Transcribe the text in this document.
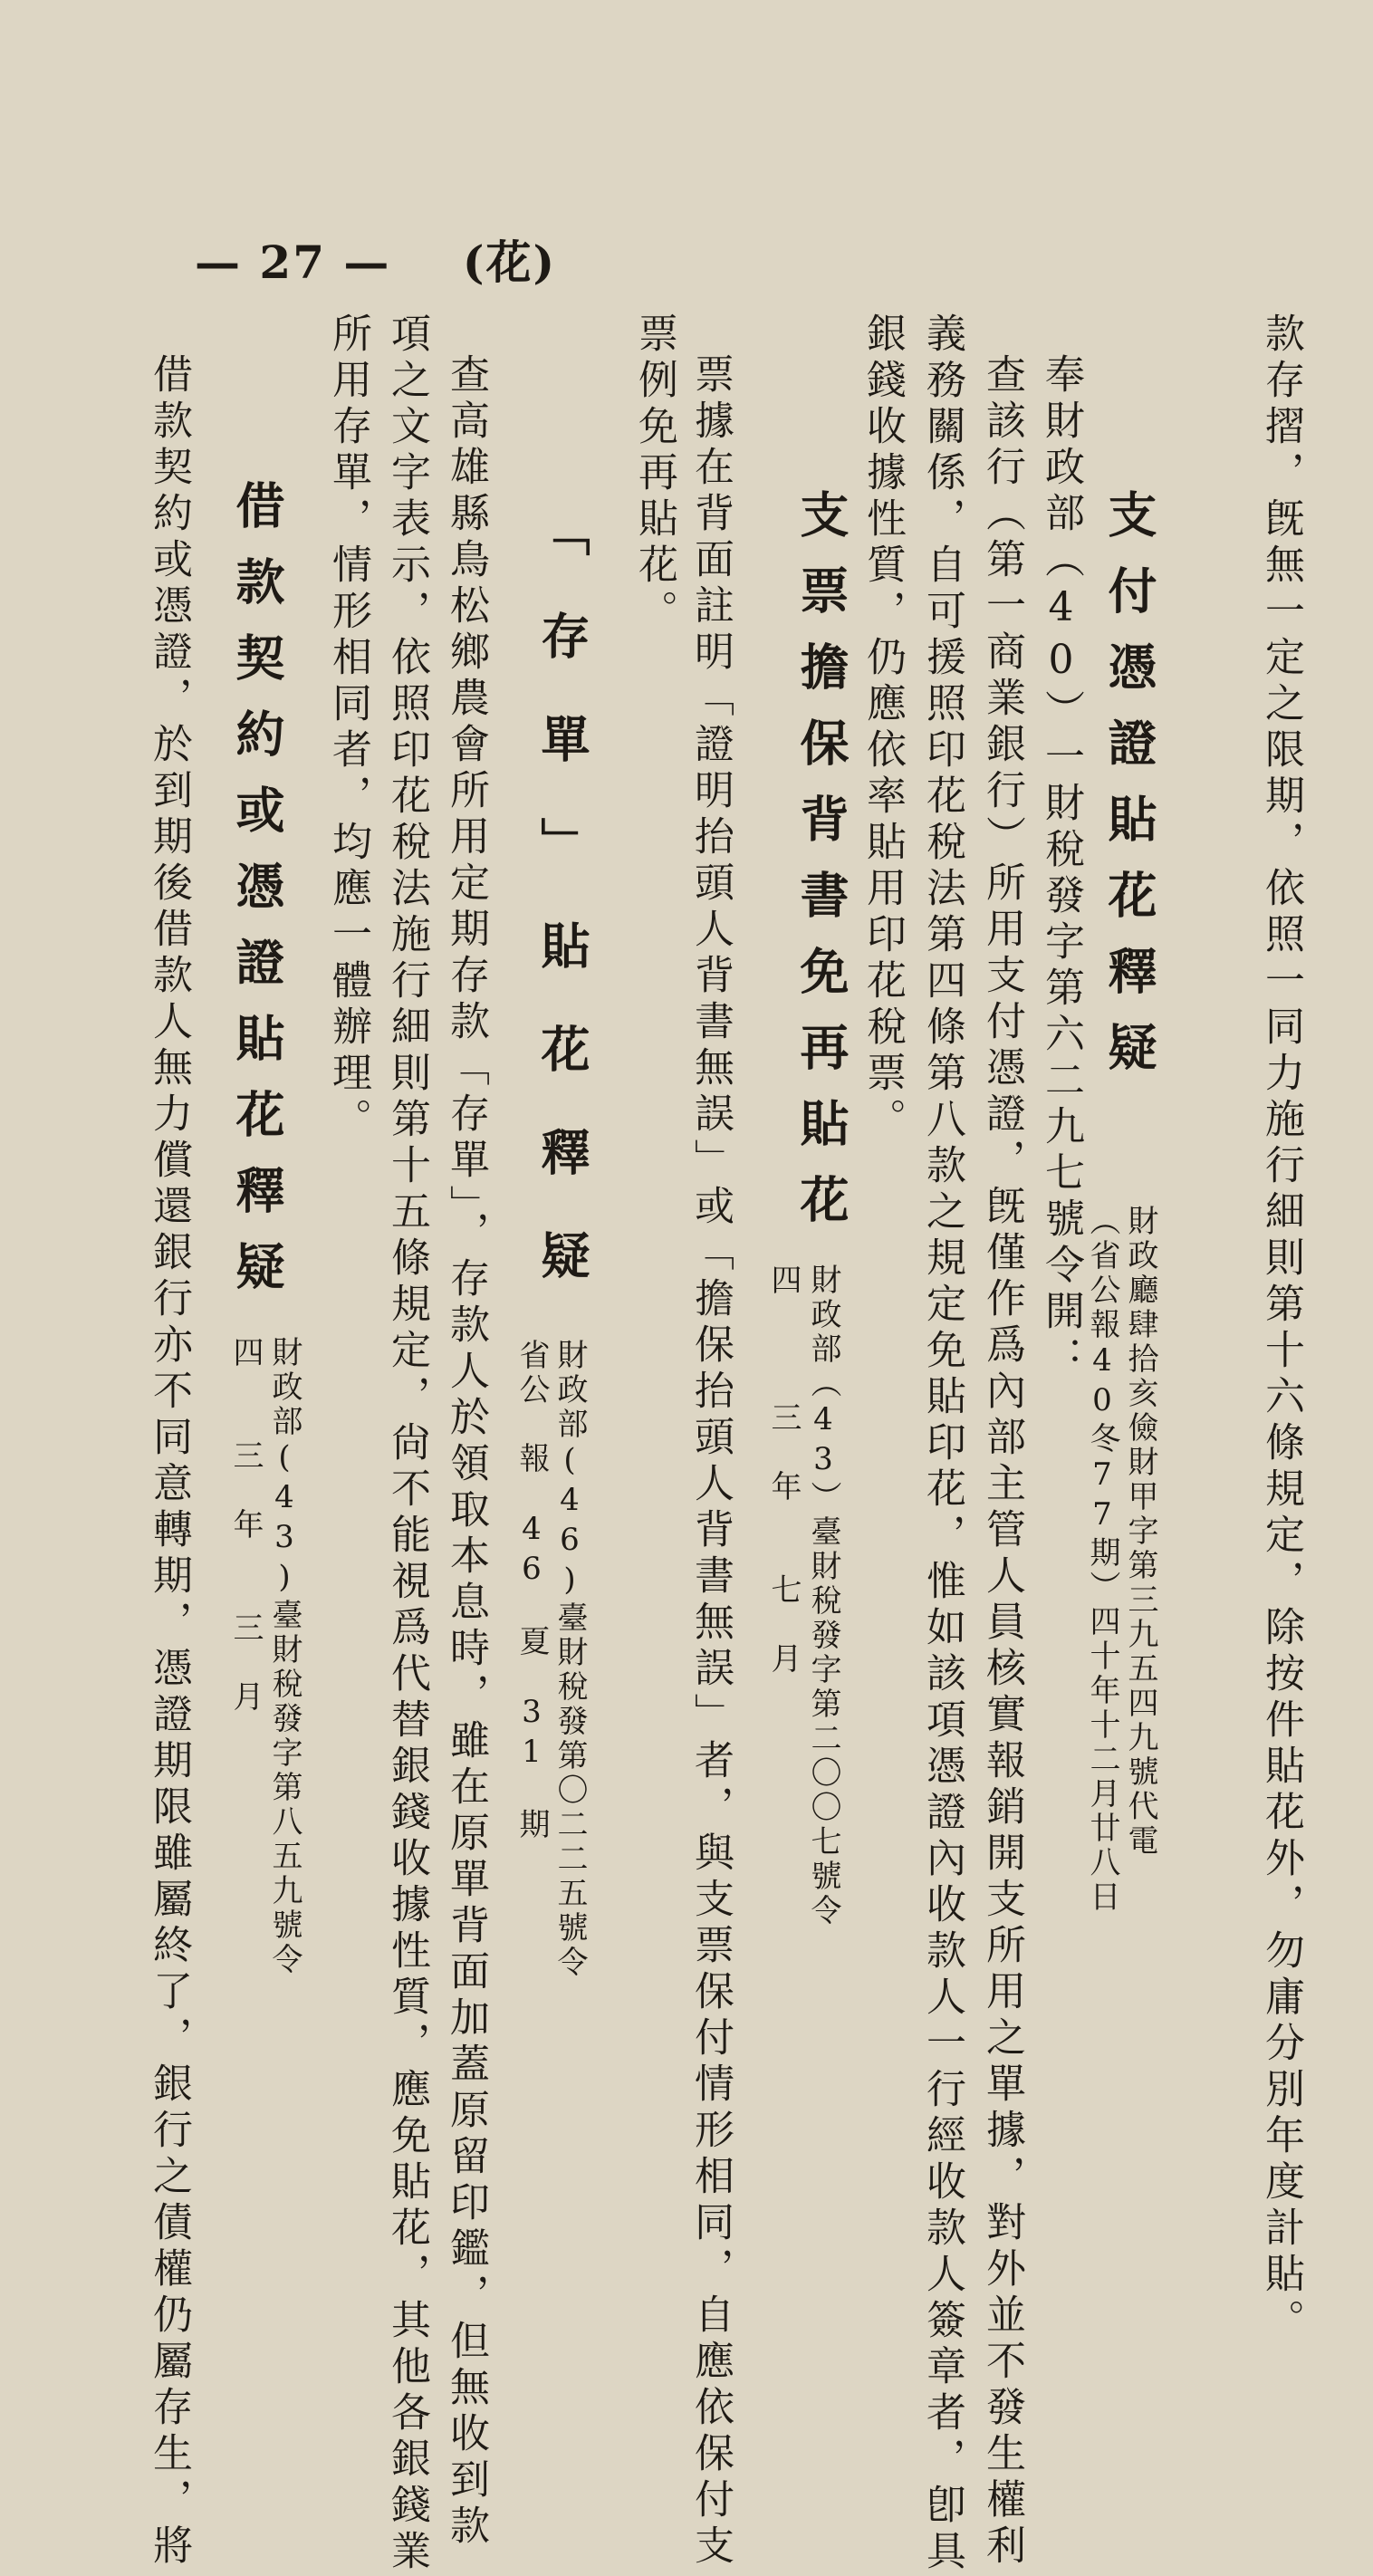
— 27 — (花)
款存摺，旣無一定之限期，依照一同力施行細則第十六條規定，除按件貼花外，勿庸分別年度計貼。
支付憑證貼花釋疑
財政廳肆拾亥儉財甲字第三九五四九號代電
（省公報40冬77期）四十年十二月廿八日
奉財政部（40）一財稅發字第六二九七號令開：
查該行（第一商業銀行）所用支付憑證，旣僅作爲內部主管人員核實報銷開支所用之單據，對外並不發生權利
義務關係，自可援照印花稅法第四條第八款之規定免貼印花，惟如該項憑證內收款人一行經收款人簽章者，卽具
銀錢收據性質，仍應依率貼用印花稅票。
支票擔保背書免再貼花
財政部（43）臺財稅發字第二〇〇七號令
四　　　三　年　　七　月
票據在背面註明「證明抬頭人背書無誤」或「擔保抬頭人背書無誤」者，與支票保付情形相同，自應依保付支
票例免再貼花。
「存單」貼花釋疑
財政部(46)臺財稅發第〇二二五號令
省公　報　46　夏　31　期
查高雄縣鳥松鄉農會所用定期存款「存單」，存款人於領取本息時，雖在原單背面加蓋原留印鑑，但無收到款
項之文字表示，依照印花稅法施行細則第十五條規定，尙不能視爲代替銀錢收據性質，應免貼花，其他各銀錢業
所用存單，情形相同者，均應一體辦理。
借款契約或憑證貼花釋疑
財政部(43)臺財稅發字第八五九號令
四　　三　年　　三　月
借款契約或憑證，於到期後借款人無力償還銀行亦不同意轉期，憑證期限雖屬終了，銀行之債權仍屬存生，將
